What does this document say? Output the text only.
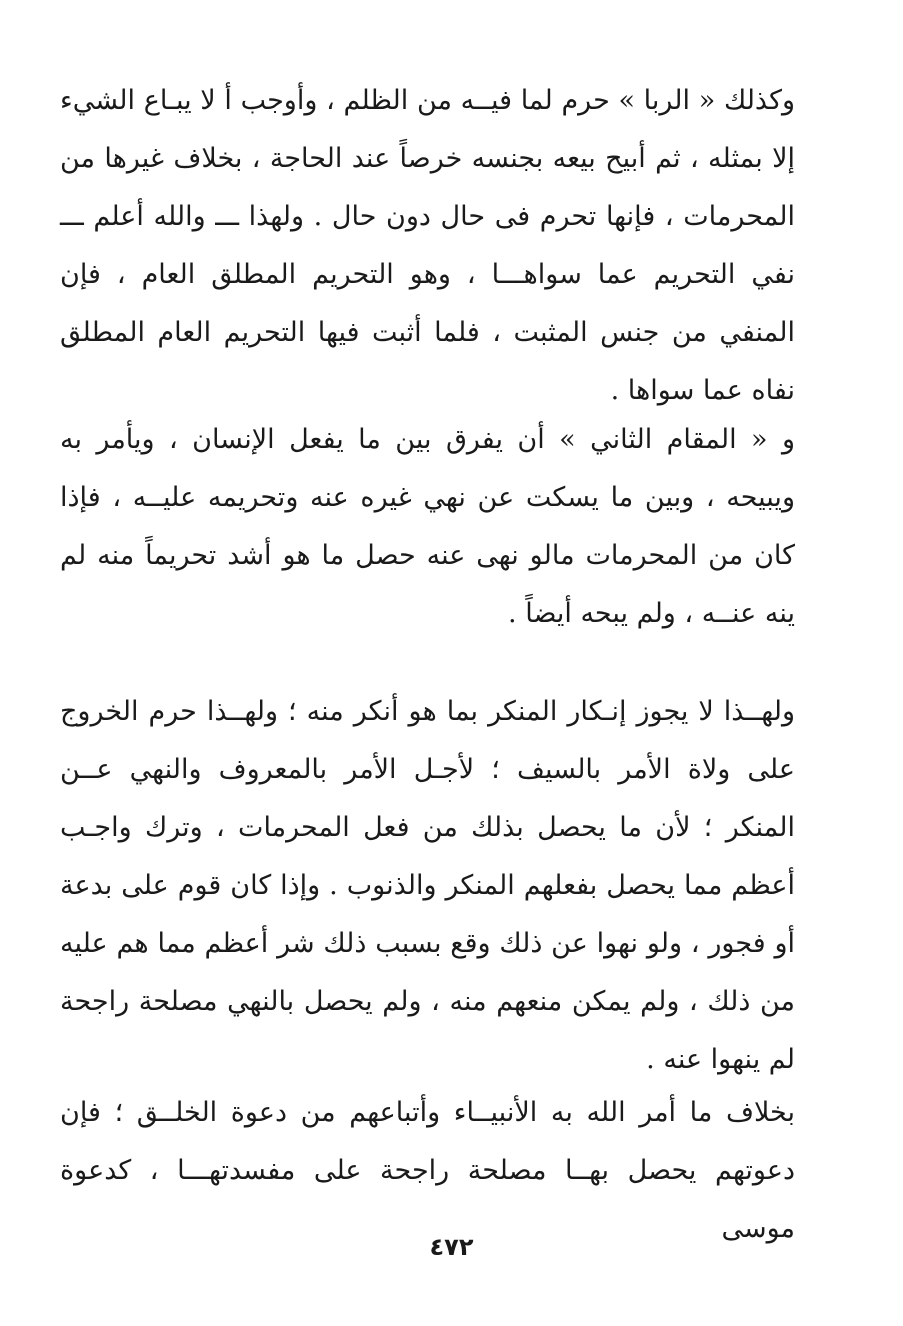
وكذلك « الربا » حرم لما فيــه من الظلم ، وأوجب أ لا يبـاع الشيء إلا بمثله ، ثم أبيح بيعه بجنسه خرصاً عند الحاجة ، بخلاف غيرها من المحرمات ، فإنها تحرم فى حال دون حال . ولهذا ـــ والله أعلم ـــ نفي التحريم عما سواهـــا ، وهو التحريم المطلق العام ، فإن المنفي من جنس المثبت ، فلما أثبت فيها التحريم العام المطلق نفاه عما سواها .

و « المقام الثاني » أن يفرق بين ما يفعل الإنسان ، ويأمر به ويبيحه ، وبين ما يسكت عن نهي غيره عنه وتحريمه عليــه ، فإذا كان من المحرمات مالو نهى عنه حصل ما هو أشد تحريماً منه لم ينه عنــه ، ولم يبحه أيضاً .

ولهــذا لا يجوز إنـكار المنكر بما هو أنكر منه ؛ ولهــذا حرم الخروج على ولاة الأمر بالسيف ؛ لأجـل الأمر بالمعروف والنهي عــن المنكر ؛ لأن ما يحصل بذلك من فعل المحرمات ، وترك واجـب أعظم مما يحصل بفعلهم المنكر والذنوب . وإذا كان قوم على بدعة أو فجور ، ولو نهوا عن ذلك وقع بسبب ذلك شر أعظم مما هم عليه من ذلك ، ولم يمكن منعهم منه ، ولم يحصل بالنهي مصلحة راجحة لم ينهوا عنه .

بخلاف ما أمر الله به الأنبيــاء وأتباعهم من دعوة الخلــق ؛ فإن دعوتهم يحصل بهــا مصلحة راجحة على مفسدتهـــا ، كدعوة موسى

٤٧٢
